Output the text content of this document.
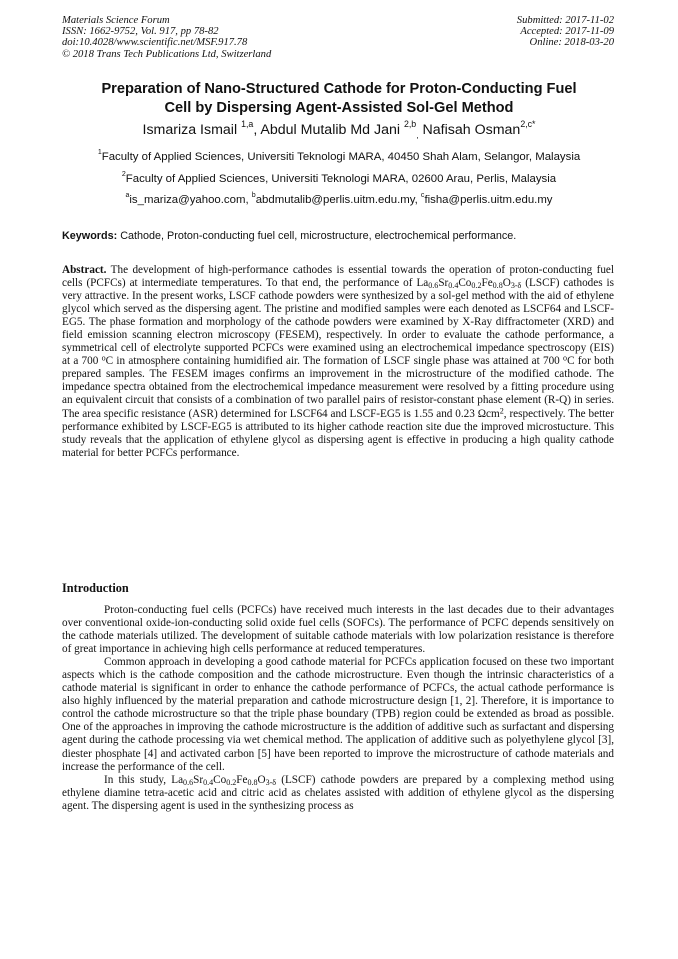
Materials Science Forum
ISSN: 1662-9752, Vol. 917, pp 78-82
doi:10.4028/www.scientific.net/MSF.917.78
© 2018 Trans Tech Publications Ltd, Switzerland
Submitted: 2017-11-02
Accepted: 2017-11-09
Online: 2018-03-20
Preparation of Nano-Structured Cathode for Proton-Conducting Fuel
Cell by Dispersing Agent-Assisted Sol-Gel Method
Ismariza Ismail $^{1,a}$, Abdul Mutalib Md Jani $^{2,b}_,$ Nafisah Osman$^{2,c*}$
$^1$Faculty of Applied Sciences, Universiti Teknologi MARA, 40450 Shah Alam, Selangor, Malaysia
$^2$Faculty of Applied Sciences, Universiti Teknologi MARA, 02600 Arau, Perlis, Malaysia
$^a$is_mariza@yahoo.com, $^b$abdmutalib@perlis.uitm.edu.my, $^c$fisha@perlis.uitm.edu.my
Keywords: Cathode, Proton-conducting fuel cell, microstructure, electrochemical performance.

Abstract. The development of high-performance cathodes is essential towards the operation of proton-conducting fuel cells (PCFCs) at intermediate temperatures. To that end, the performance of $La_{0.6}Sr_{0.4}Co_{0.2}Fe_{0.8}O_{3-\delta}$ (LSCF) cathodes is very attractive. In the present works, LSCF cathode powders were synthesized by a sol-gel method with the aid of ethylene glycol which served as the dispersing agent. The pristine and modified samples were each denoted as LSCF64 and LSCF-EG5. The phase formation and morphology of the cathode powders were examined by X-Ray diffractometer (XRD) and field emission scanning electron microscopy (FESEM), respectively. In order to evaluate the cathode performance, a symmetrical cell of electrolyte supported PCFCs were examined using an electrochemical impedance spectroscopy (EIS) at a 700 $^o$C in atmosphere containing humidified air. The formation of LSCF single phase was attained at 700 $^o$C for both prepared samples. The FESEM images confirms an improvement in the microstructure of the modified cathode. The impedance spectra obtained from the electrochemical impedance measurement were resolved by a fitting procedure using an equivalent circuit that consists of a combination of two parallel pairs of resistor-constant phase element (R-Q) in series. The area specific resistance (ASR) determined for LSCF64 and LSCF-EG5 is 1.55 and 0.23 Ωcm$^2$, respectively. The better performance exhibited by LSCF-EG5 is attributed to its higher cathode reaction site due the improved microstucture. This study reveals that the application of ethylene glycol as dispersing agent is effective in producing a high quality cathode material for better PCFCs performance.

Introduction

Proton-conducting fuel cells (PCFCs) have received much interests in the last decades due to their advantages over conventional oxide-ion-conducting solid oxide fuel cells (SOFCs). The performance of PCFC depends sensitively on the cathode materials utilized. The development of suitable cathode materials with low polarization resistance is therefore of great importance in achieving high cells performance at reduced temperatures.

Common approach in developing a good cathode material for PCFCs application focused on these two important aspects which is the cathode composition and the cathode microstructure. Even though the intrinsic characteristics of a cathode material is significant in order to enhance the cathode performance of PCFCs, the actual cathode performance is also highly influenced by the material preparation and cathode microstructure design [1, 2]. Therefore, it is importance to control the cathode microstructure so that the triple phase boundary (TPB) region could be extended as broad as possible. One of the approaches in improving the cathode microstructure is the addition of additive such as surfactant and dispersing agent during the cathode processing via wet chemical method. The application of additive such as polyethylene glycol [3], diester phosphate [4] and activated carbon [5] have been reported to improve the microstructure of cathode materials and increase the performance of the cell.

In this study, $La_{0.6}Sr_{0.4}Co_{0.2}Fe_{0.8}O_{3-\delta}$ (LSCF) cathode powders are prepared by a complexing method using ethylene diamine tetra-acetic acid and citric acid as chelates assisted with addition of ethylene glycol as the dispersing agent. The dispersing agent is used in the synthesizing process as
